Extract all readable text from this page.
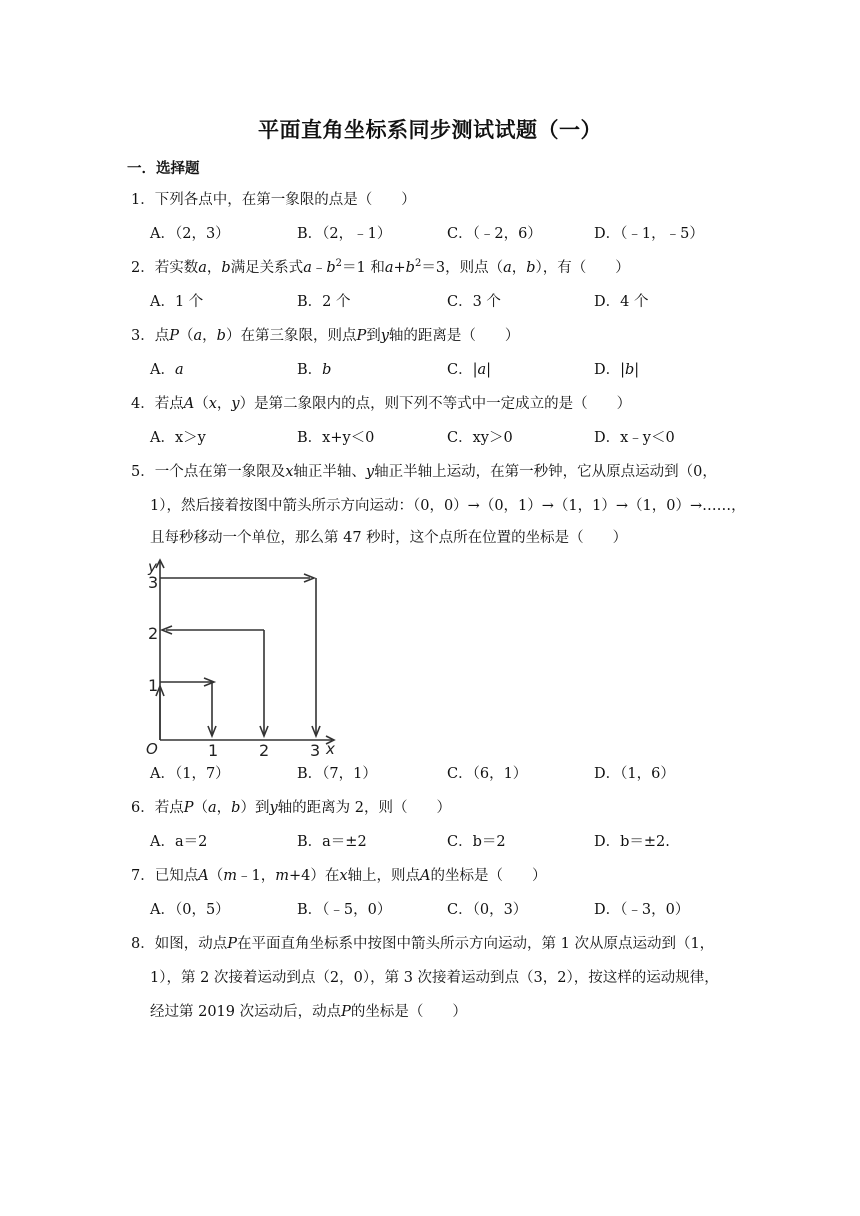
平面直角坐标系同步测试试题（一）
一．选择题
1．下列各点中，在第一象限的点是（　　）
A．（2，3）	B．（2，﹣1）	C．（﹣2，6）	D．（﹣1，﹣5）
2．若实数a，b满足关系式$a﹣b^2=1$ 和$a+b^2=3$，则点（a，b），有（　　）
A．1 个	B．2 个	C．3 个	D．4 个
3．点P（a，b）在第三象限，则点P到y轴的距离是（　　）
A．a	B．b	C．|a|	D．|b|
4．若点A（x，y）是第二象限内的点，则下列不等式中一定成立的是（　　）
A．x＞y	B．x+y＜0	C．xy＞0	D．x﹣y＜0
5．一个点在第一象限及x轴正半轴、y轴正半轴上运动，在第一秒钟，它从原点运动到（0，
1），然后接着按图中箭头所示方向运动：（0，0）→（0，1）→（1，1）→（1，0）→……，
且每秒移动一个单位，那么第 47 秒时，这个点所在位置的坐标是（　　）
y
x
O	1	2	3
1
2
3
A．（1，7）	B．（7，1）	C．（6，1）	D．（1，6）
6．若点P（a，b）到y轴的距离为 2，则（　　）
A．a＝2	B．a＝±2	C．b＝2	D．b＝±2.
7．已知点A（m﹣1，m+4）在x轴上，则点A的坐标是（　　）
A．（0，5）	B．（﹣5，0）	C．（0，3）	D．（﹣3，0）
8．如图，动点P在平面直角坐标系中按图中箭头所示方向运动，第 1 次从原点运动到（1，
1），第 2 次接着运动到点（2，0），第 3 次接着运动到点（3，2），按这样的运动规律，
经过第 2019 次运动后，动点P的坐标是（　　）
